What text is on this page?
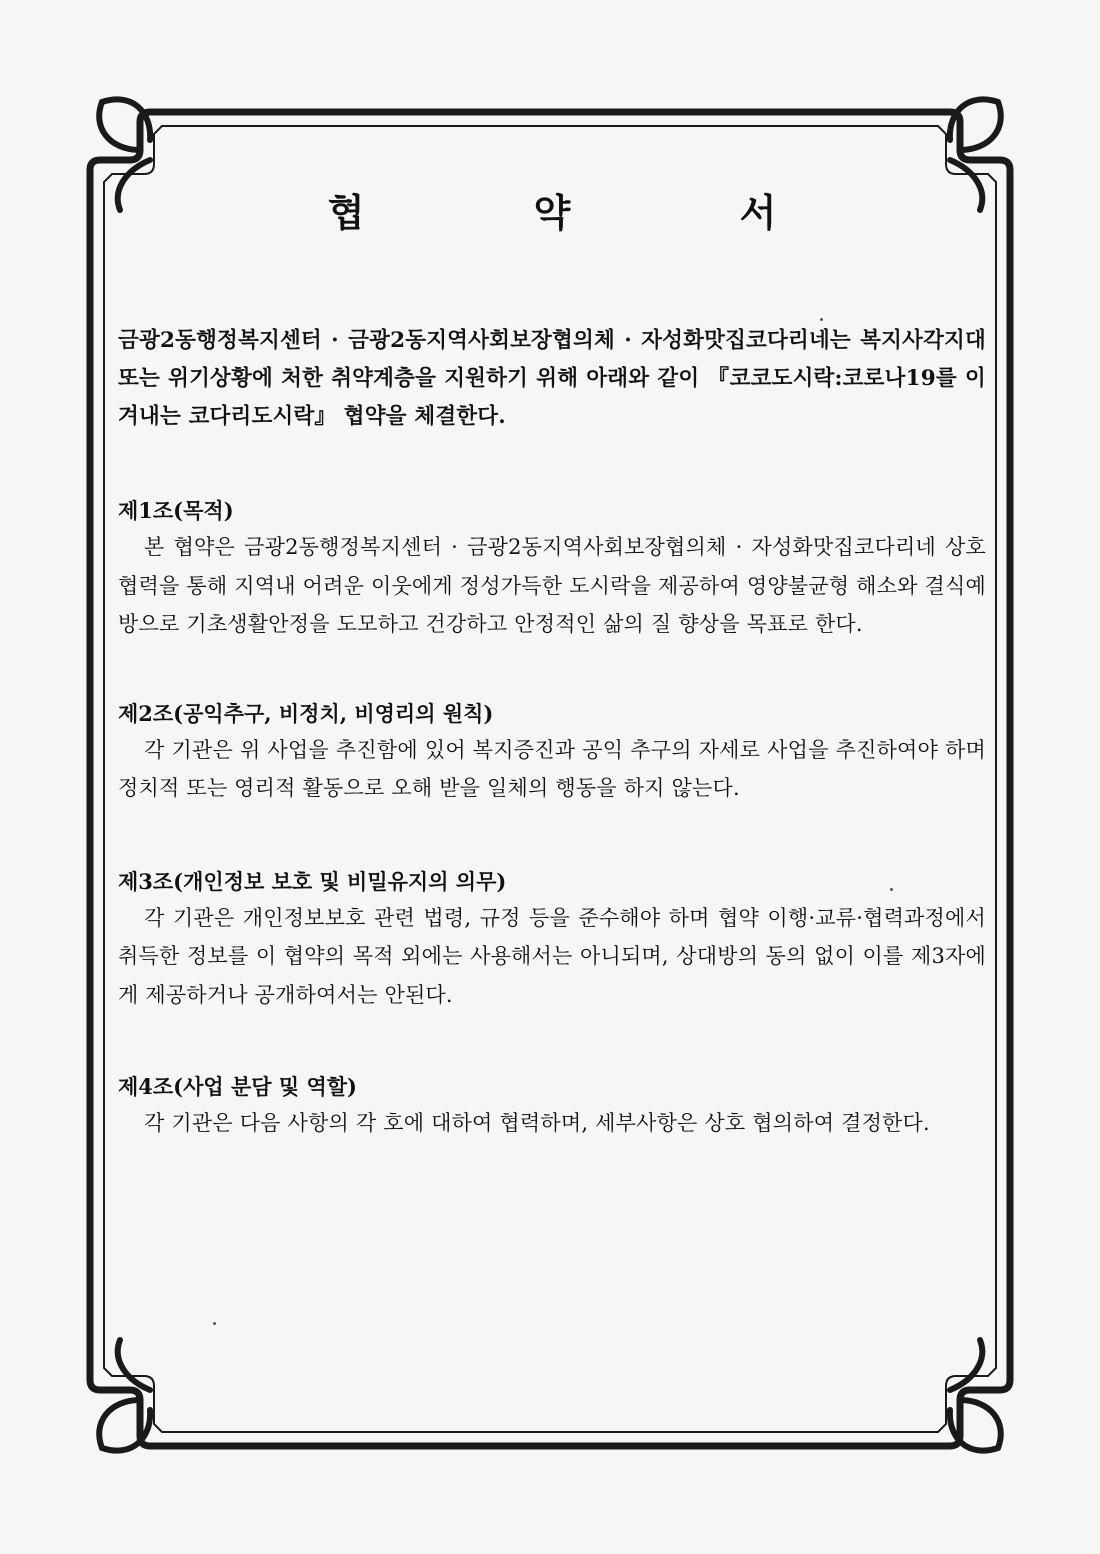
협 약 서

금광2동행정복지센터 · 금광2동지역사회보장협의체 · 자성화맛집코다리네는 복지사각지대 또는 위기상황에 처한 취약계층을 지원하기 위해 아래와 같이 『코코도시락:코로나19를 이겨내는 코다리도시락』 협약을 체결한다.

제1조(목적)

본 협약은 금광2동행정복지센터 · 금광2동지역사회보장협의체 · 자성화맛집코다리네 상호협력을 통해 지역내 어려운 이웃에게 정성가득한 도시락을 제공하여 영양불균형 해소와 결식예방으로 기초생활안정을 도모하고 건강하고 안정적인 삶의 질 향상을 목표로 한다.

제2조(공익추구, 비정치, 비영리의 원칙)

각 기관은 위 사업을 추진함에 있어 복지증진과 공익 추구의 자세로 사업을 추진하여야 하며 정치적 또는 영리적 활동으로 오해 받을 일체의 행동을 하지 않는다.

제3조(개인정보 보호 및 비밀유지의 의무)

각 기관은 개인정보보호 관련 법령, 규정 등을 준수해야 하며 협약 이행·교류·협력과정에서 취득한 정보를 이 협약의 목적 외에는 사용해서는 아니되며, 상대방의 동의 없이 이를 제3자에게 제공하거나 공개하여서는 안된다.

제4조(사업 분담 및 역할)

각 기관은 다음 사항의 각 호에 대하여 협력하며, 세부사항은 상호 협의하여 결정한다.
